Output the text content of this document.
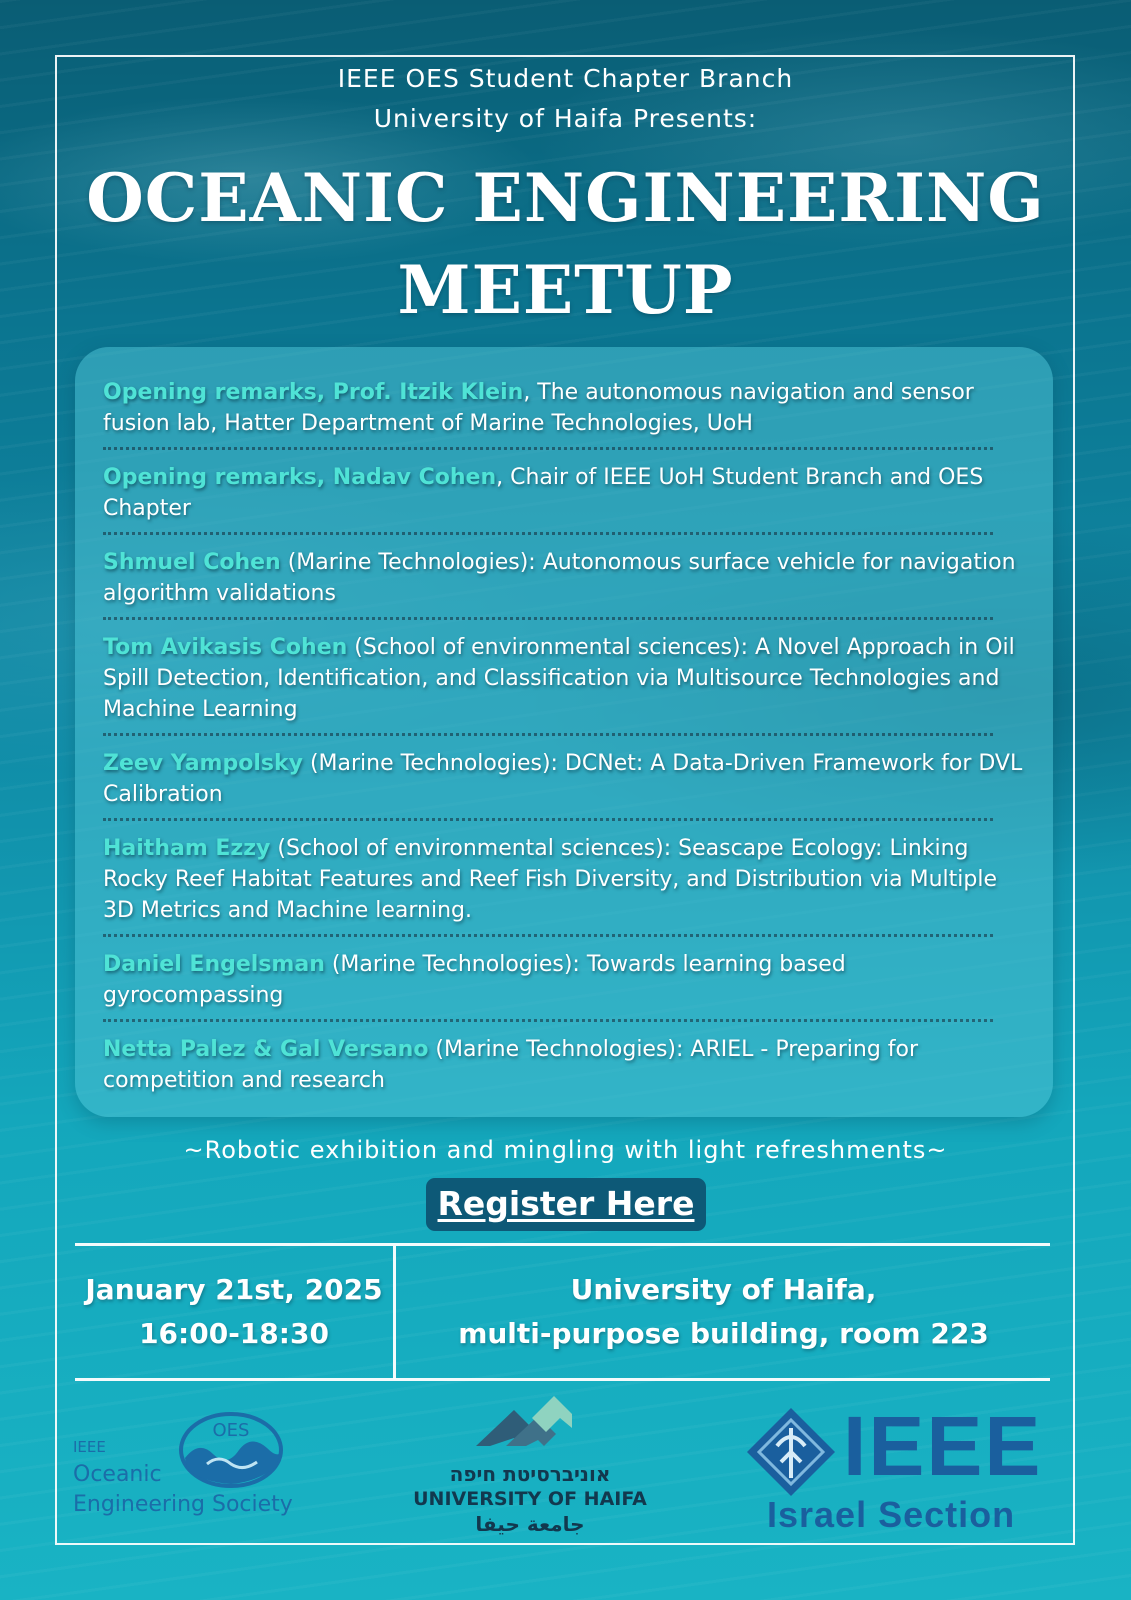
IEEE OES Student Chapter Branch
University of Haifa Presents:
OCEANIC ENGINEERING
MEETUP
Opening remarks, Prof. Itzik Klein, The autonomous navigation and sensor fusion lab, Hatter Department of Marine Technologies, UoH
Opening remarks, Nadav Cohen, Chair of IEEE UoH Student Branch and OES Chapter
Shmuel Cohen (Marine Technologies): Autonomous surface vehicle for navigation algorithm validations
Tom Avikasis Cohen (School of environmental sciences): A Novel Approach in Oil Spill Detection, Identification, and Classification via Multisource Technologies and Machine Learning
Zeev Yampolsky (Marine Technologies): DCNet: A Data-Driven Framework for DVL Calibration
Haitham Ezzy (School of environmental sciences): Seascape Ecology: Linking Rocky Reef Habitat Features and Reef Fish Diversity, and Distribution via Multiple 3D Metrics and Machine learning.
Daniel Engelsman (Marine Technologies): Towards learning based gyrocompassing
Netta Palez & Gal Versano (Marine Technologies): ARIEL - Preparing for competition and research
~Robotic exhibition and mingling with light refreshments~
Register Here
January 21st, 2025
16:00-18:30
University of Haifa,
multi-purpose building, room 223
IEEE
Oceanic
Engineering Society
OES
אוניברסיטת חיפה
UNIVERSITY OF HAIFA
جامعة حيفا
IEEE
Israel Section
